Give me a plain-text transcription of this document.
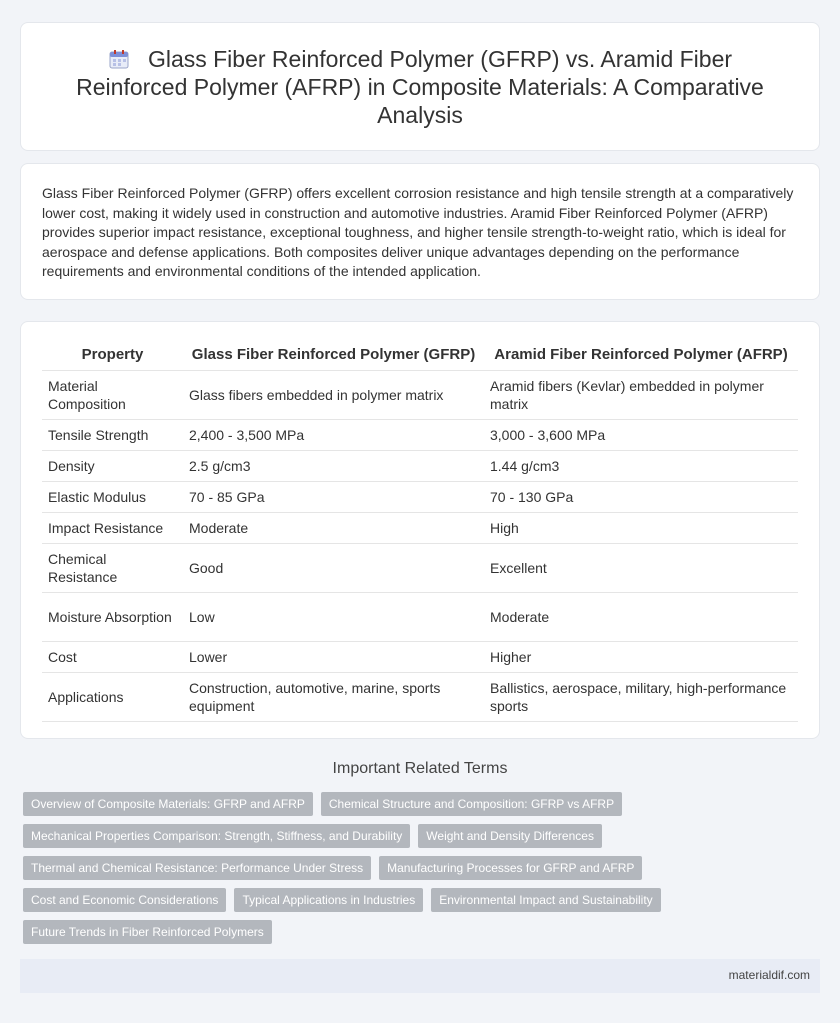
Glass Fiber Reinforced Polymer (GFRP) vs. Aramid Fiber Reinforced Polymer (AFRP) in Composite Materials: A Comparative Analysis

Glass Fiber Reinforced Polymer (GFRP) offers excellent corrosion resistance and high tensile strength at a comparatively lower cost, making it widely used in construction and automotive industries. Aramid Fiber Reinforced Polymer (AFRP) provides superior impact resistance, exceptional toughness, and higher tensile strength-to-weight ratio, which is ideal for aerospace and defense applications. Both composites deliver unique advantages depending on the performance requirements and environmental conditions of the intended application.

Property	Glass Fiber Reinforced Polymer (GFRP)	Aramid Fiber Reinforced Polymer (AFRP)
Material Composition	Glass fibers embedded in polymer matrix	Aramid fibers (Kevlar) embedded in polymer matrix
Tensile Strength	2,400 - 3,500 MPa	3,000 - 3,600 MPa
Density	2.5 g/cm3	1.44 g/cm3
Elastic Modulus	70 - 85 GPa	70 - 130 GPa
Impact Resistance	Moderate	High
Chemical Resistance	Good	Excellent
Moisture Absorption	Low	Moderate
Cost	Lower	Higher
Applications	Construction, automotive, marine, sports equipment	Ballistics, aerospace, military, high-performance sports
Important Related Terms
Overview of Composite Materials: GFRP and AFRP	Chemical Structure and Composition: GFRP vs AFRP
Mechanical Properties Comparison: Strength, Stiffness, and Durability	Weight and Density Differences
Thermal and Chemical Resistance: Performance Under Stress	Manufacturing Processes for GFRP and AFRP
Cost and Economic Considerations	Typical Applications in Industries	Environmental Impact and Sustainability
Future Trends in Fiber Reinforced Polymers
materialdif.com
